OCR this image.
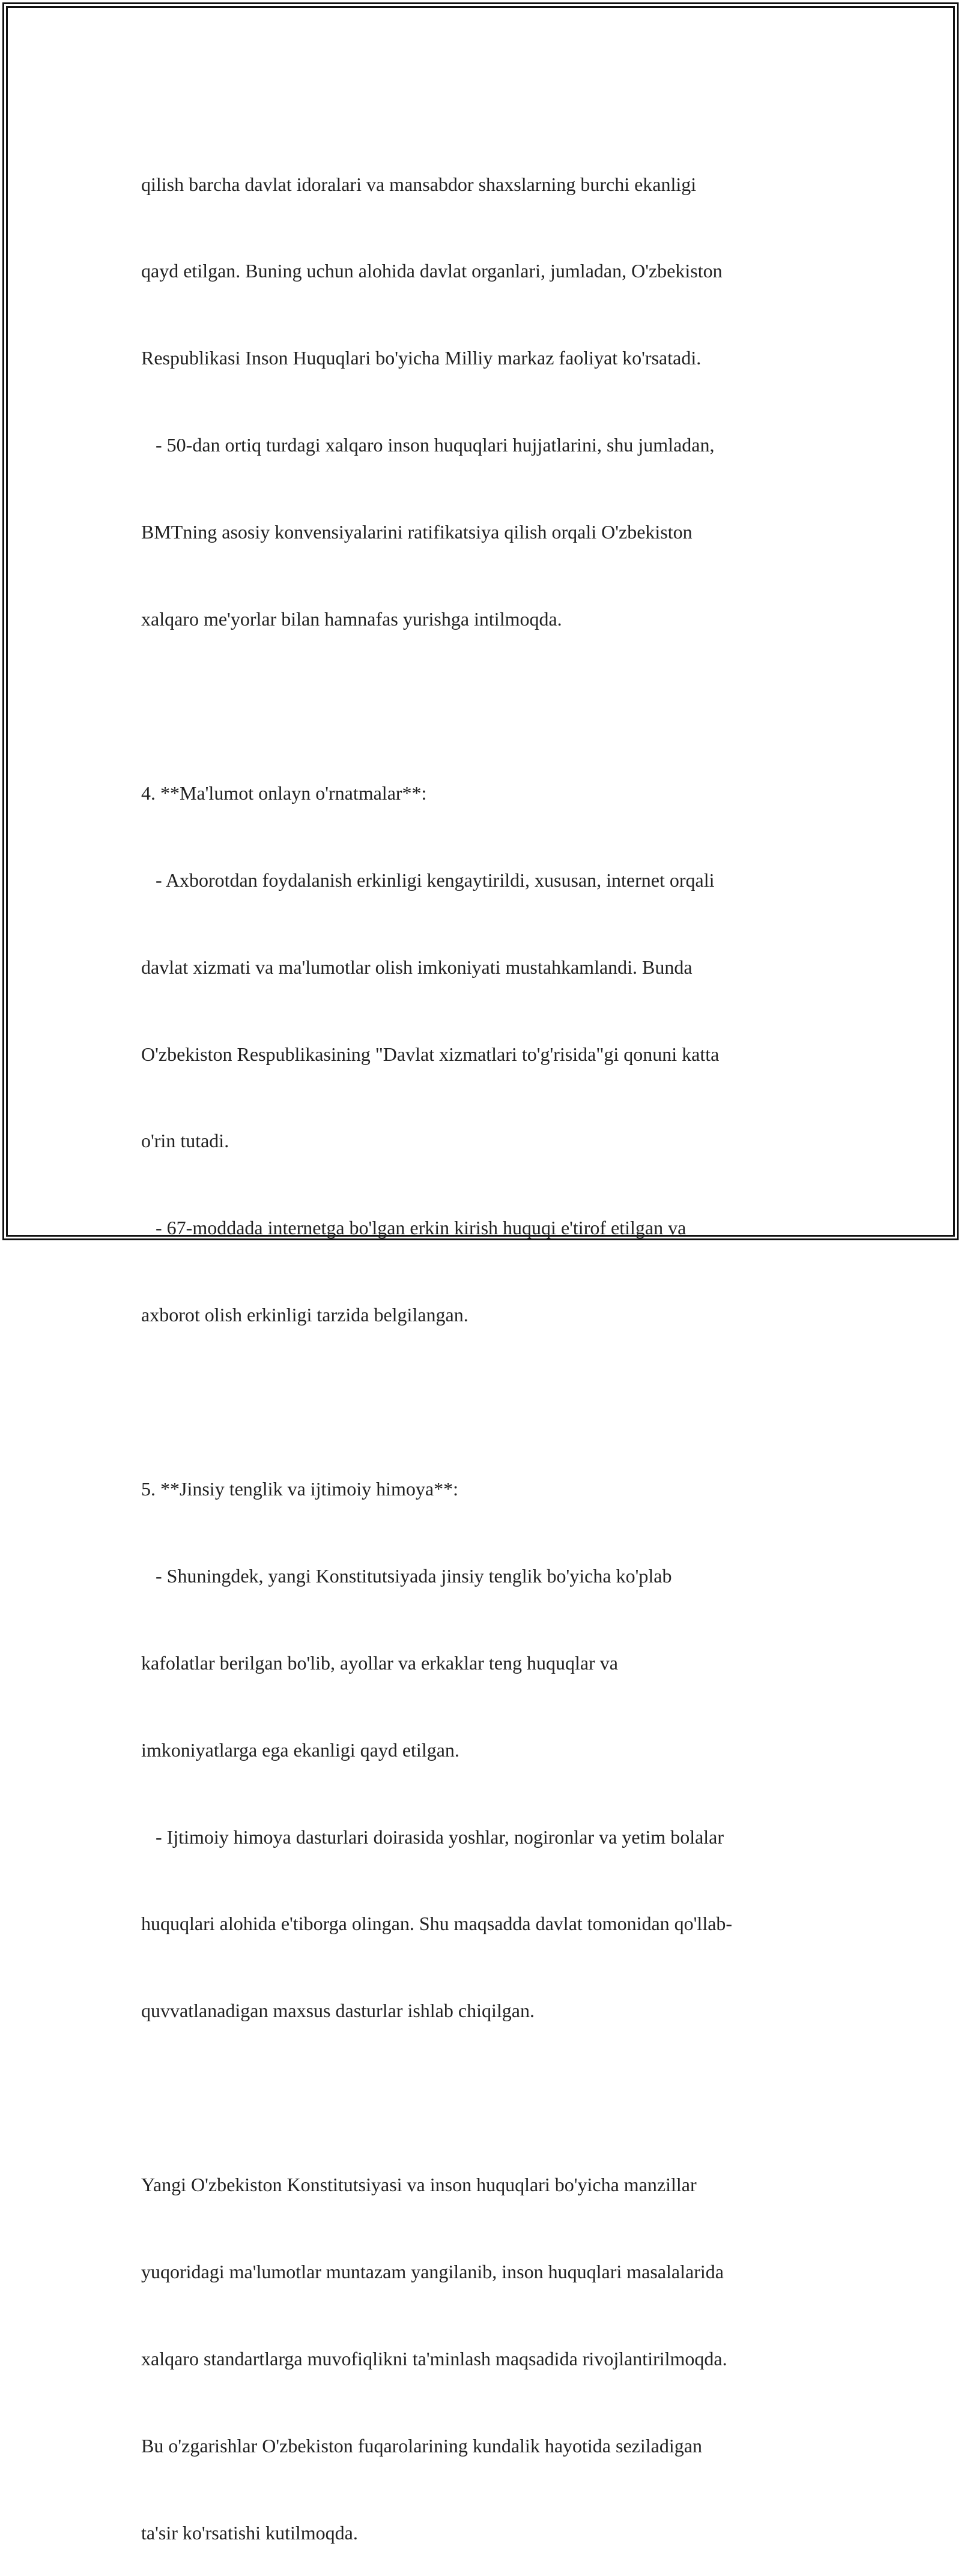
qilish barcha davlat idoralari va mansabdor shaxslarning burchi ekanligi

qayd etilgan. Buning uchun alohida davlat organlari, jumladan, O'zbekiston

Respublikasi Inson Huquqlari bo'yicha Milliy markaz faoliyat ko'rsatadi.

- 50-dan ortiq turdagi xalqaro inson huquqlari hujjatlarini, shu jumladan,

BMTning asosiy konvensiyalarini ratifikatsiya qilish orqali O'zbekiston

xalqaro me'yorlar bilan hamnafas yurishga intilmoqda.

4. **Ma'lumot onlayn o'rnatmalar**:

- Axborotdan foydalanish erkinligi kengaytirildi, xususan, internet orqali

davlat xizmati va ma'lumotlar olish imkoniyati mustahkamlandi. Bunda

O'zbekiston Respublikasining "Davlat xizmatlari to'g'risida"gi qonuni katta

o'rin tutadi.

- 67-moddada internetga bo'lgan erkin kirish huquqi e'tirof etilgan va

axborot olish erkinligi tarzida belgilangan.

5. **Jinsiy tenglik va ijtimoiy himoya**:

- Shuningdek, yangi Konstitutsiyada jinsiy tenglik bo'yicha ko'plab

kafolatlar berilgan bo'lib, ayollar va erkaklar teng huquqlar va

imkoniyatlarga ega ekanligi qayd etilgan.

- Ijtimoiy himoya dasturlari doirasida yoshlar, nogironlar va yetim bolalar

huquqlari alohida e'tiborga olingan. Shu maqsadda davlat tomonidan qo'llab-

quvvatlanadigan maxsus dasturlar ishlab chiqilgan.

Yangi O'zbekiston Konstitutsiyasi va inson huquqlari bo'yicha manzillar

yuqoridagi ma'lumotlar muntazam yangilanib, inson huquqlari masalalarida

xalqaro standartlarga muvofiqlikni ta'minlash maqsadida rivojlantirilmoqda.

Bu o'zgarishlar O'zbekiston fuqarolarining kundalik hayotida seziladigan

ta'sir ko'rsatishi kutilmoqda.
